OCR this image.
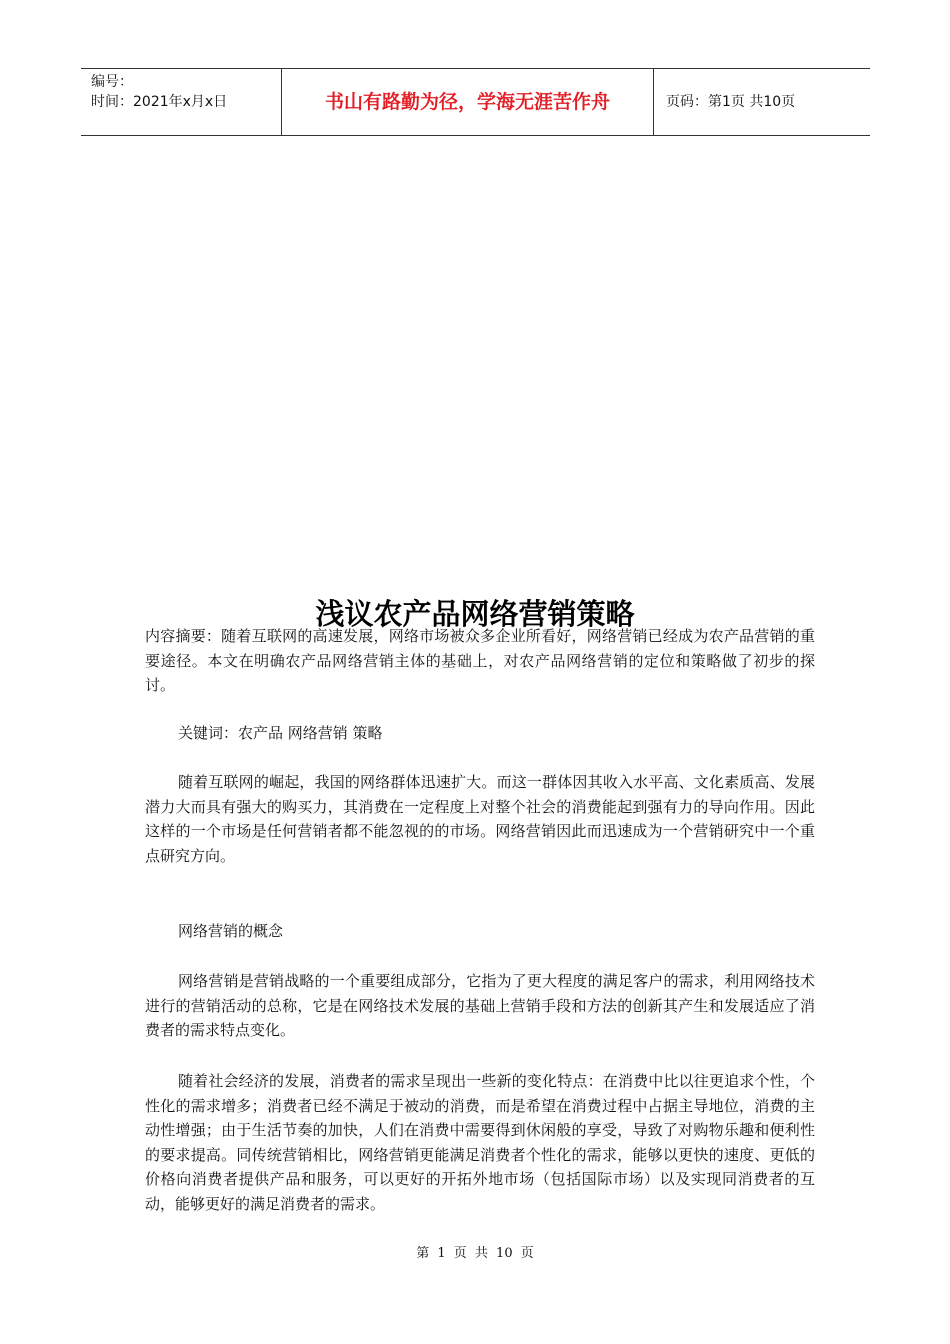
编号：
时间：2021年x月x日	书山有路勤为径，学海无涯苦作舟	页码：第1页 共10页
浅议农产品网络营销策略

内容摘要：随着互联网的高速发展，网络市场被众多企业所看好，网络营销已经成为农产品营销的重要途径。本文在明确农产品网络营销主体的基础上，对农产品网络营销的定位和策略做了初步的探讨。

关键词：农产品 网络营销 策略

随着互联网的崛起，我国的网络群体迅速扩大。而这一群体因其收入水平高、文化素质高、发展潜力大而具有强大的购买力，其消费在一定程度上对整个社会的消费能起到强有力的导向作用。因此这样的一个市场是任何营销者都不能忽视的的市场。网络营销因此而迅速成为一个营销研究中一个重点研究方向。

网络营销的概念

网络营销是营销战略的一个重要组成部分，它指为了更大程度的满足客户的需求，利用网络技术进行的营销活动的总称，它是在网络技术发展的基础上营销手段和方法的创新其产生和发展适应了消费者的需求特点变化。

随着社会经济的发展，消费者的需求呈现出一些新的变化特点：在消费中比以往更追求个性，个性化的需求增多；消费者已经不满足于被动的消费，而是希望在消费过程中占据主导地位，消费的主动性增强；由于生活节奏的加快，人们在消费中需要得到休闲般的享受，导致了对购物乐趣和便利性的要求提高。同传统营销相比，网络营销更能满足消费者个性化的需求，能够以更快的速度、更低的价格向消费者提供产品和服务，可以更好的开拓外地市场（包括国际市场）以及实现同消费者的互动，能够更好的满足消费者的需求。

第 1 页 共 10 页
